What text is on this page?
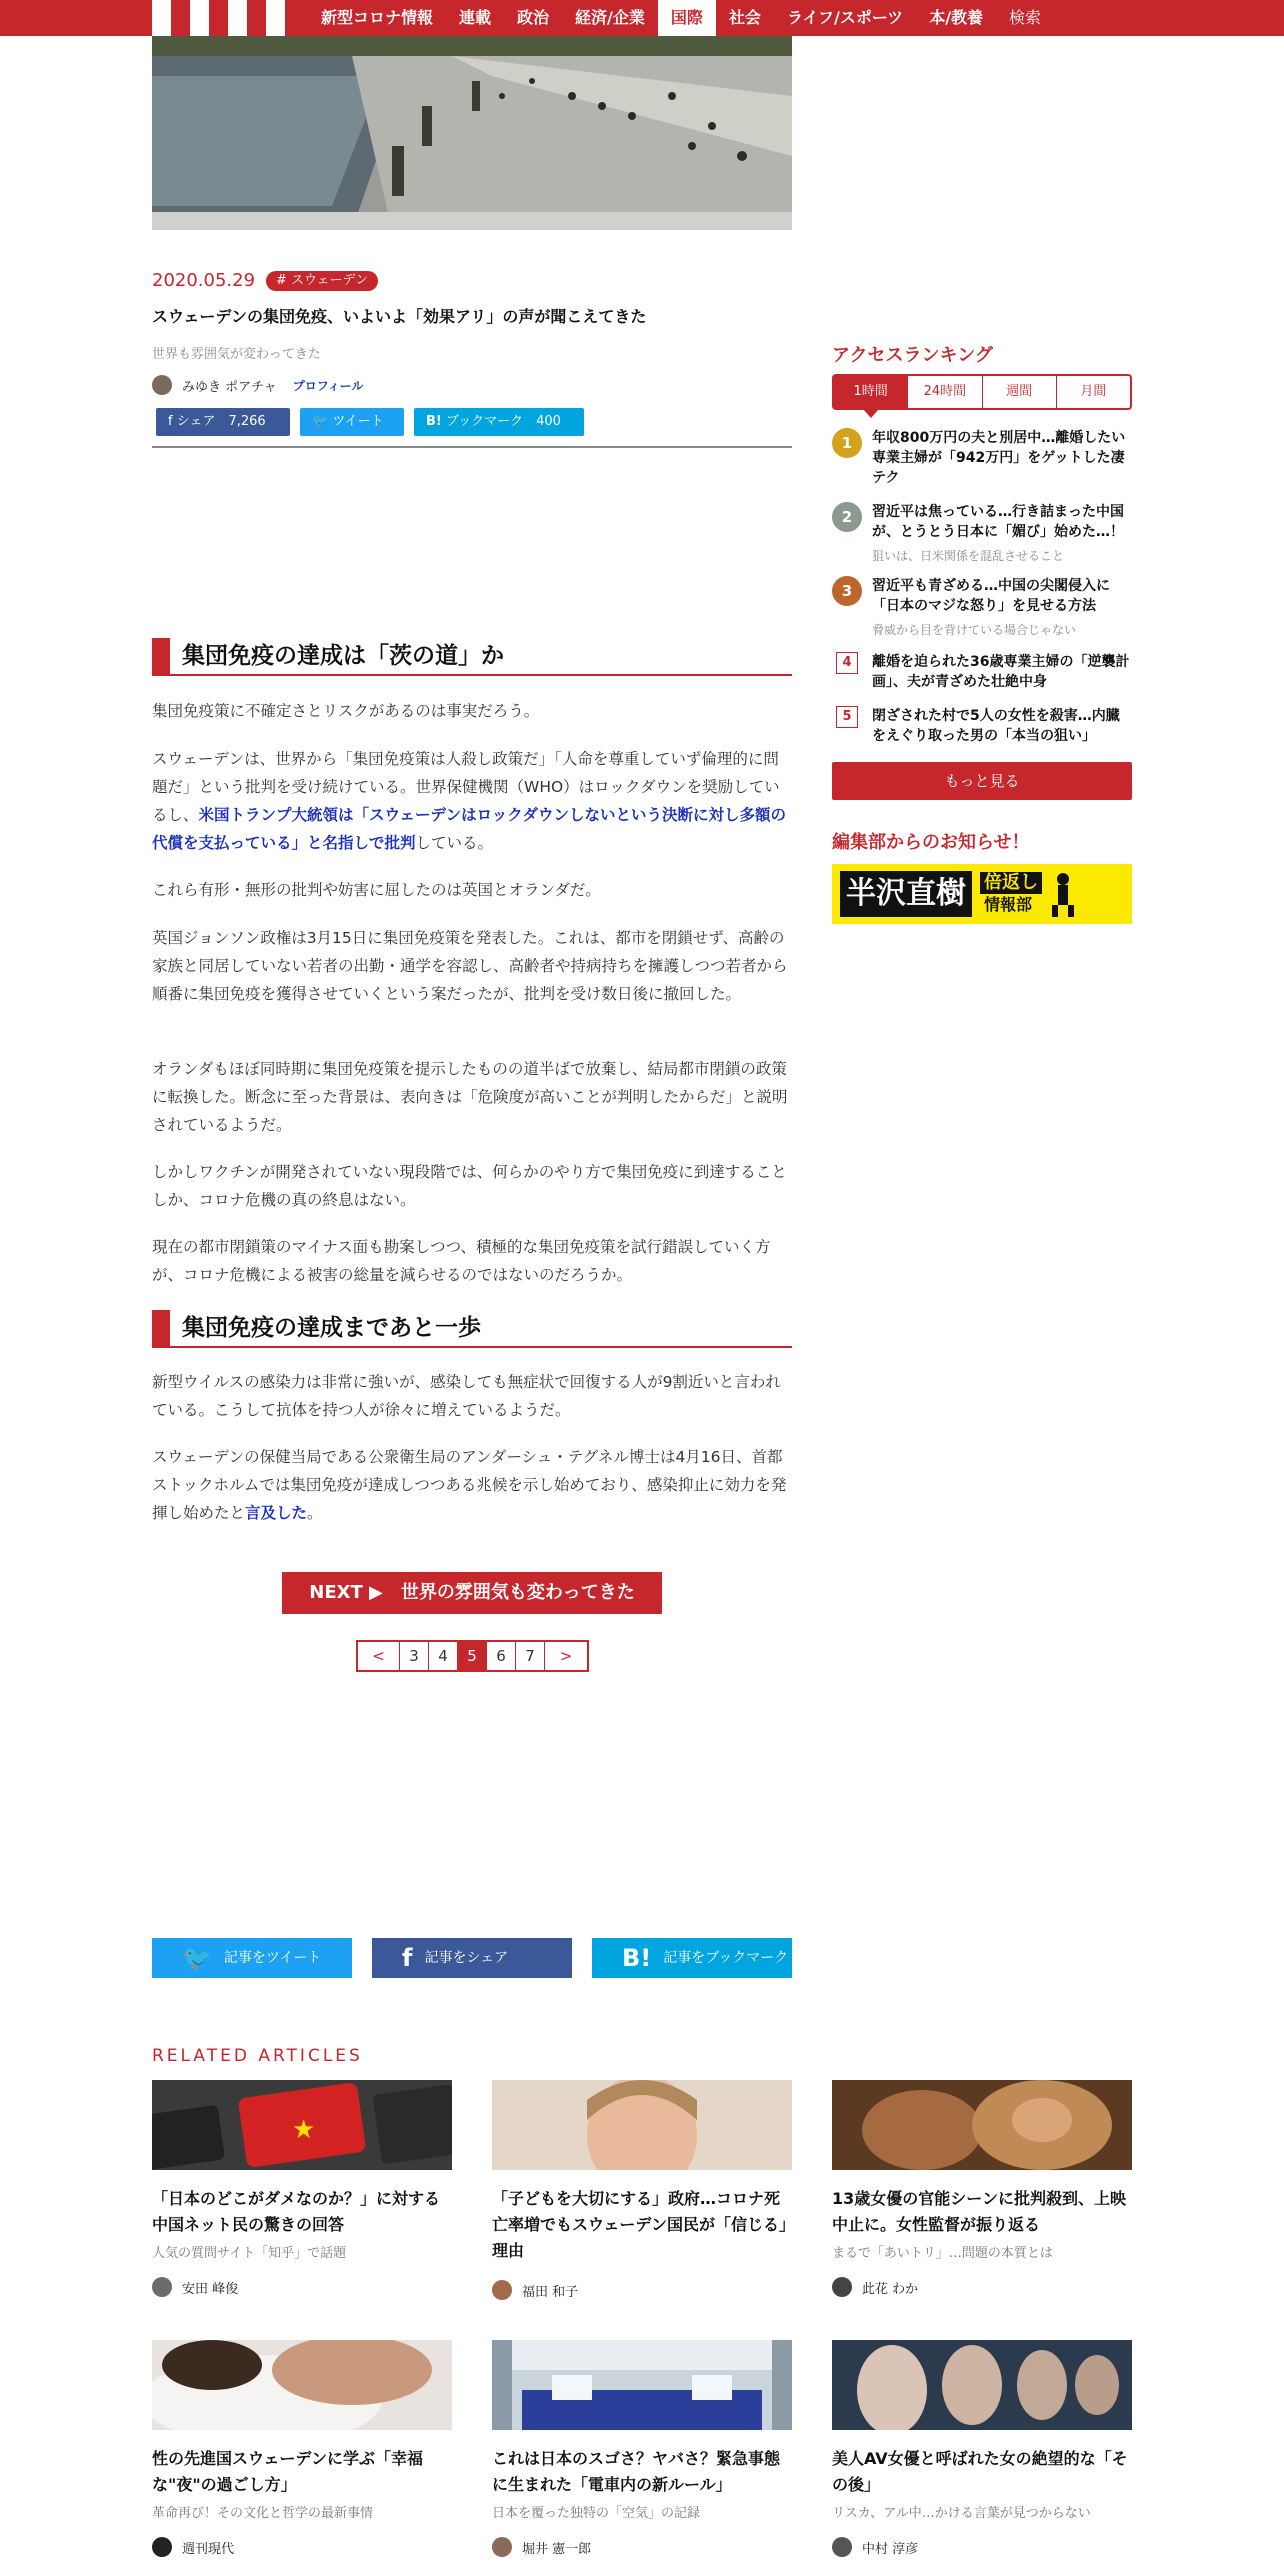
新型コロナ情報	連載	政治	経済/企業	国際	社会	ライフ/スポーツ	本/教養	検索
2020.05.29	# スウェーデン
スウェーデンの集団免疫、いよいよ「効果アリ」の声が聞こえてきた
世界も雰囲気が変わってきた
みゆき ポアチャ プロフィール
f シェア　7,266	🐦 ツイート	B! ブックマーク　400
集団免疫の達成は「茨の道」か
集団免疫策に不確定さとリスクがあるのは事実だろう。
スウェーデンは、世界から「集団免疫策は人殺し政策だ」「人命を尊重していず倫理的に問題だ」という批判を受け続けている。世界保健機関（WHO）はロックダウンを奨励しているし、米国トランプ大統領は「スウェーデンはロックダウンしないという決断に対し多額の代償を支払っている」と名指しで批判している。
これら有形・無形の批判や妨害に屈したのは英国とオランダだ。
英国ジョンソン政権は3月15日に集団免疫策を発表した。これは、都市を閉鎖せず、高齢の家族と同居していない若者の出勤・通学を容認し、高齢者や持病持ちを擁護しつつ若者から順番に集団免疫を獲得させていくという案だったが、批判を受け数日後に撤回した。
オランダもほぼ同時期に集団免疫策を提示したものの道半ばで放棄し、結局都市閉鎖の政策に転換した。断念に至った背景は、表向きは「危険度が高いことが判明したからだ」と説明されているようだ。
しかしワクチンが開発されていない現段階では、何らかのやり方で集団免疫に到達することしか、コロナ危機の真の終息はない。
現在の都市閉鎖策のマイナス面も勘案しつつ、積極的な集団免疫策を試行錯誤していく方が、コロナ危機による被害の総量を減らせるのではないのだろうか。
集団免疫の達成まであと一歩
新型ウイルスの感染力は非常に強いが、感染しても無症状で回復する人が9割近いと言われている。こうして抗体を持つ人が徐々に増えているようだ。
スウェーデンの保健当局である公衆衛生局のアンダーシュ・テグネル博士は4月16日、首都ストックホルムでは集団免疫が達成しつつある兆候を示し始めており、感染抑止に効力を発揮し始めたと言及した。
NEXT ▶　世界の雰囲気も変わってきた
<	3	4	5	6	7	>
🐦 記事をツイート	f 記事をシェア	B! 記事をブックマーク
RELATED ARTICLES
★
「日本のどこがダメなのか？」に対する中国ネット民の驚きの回答
人気の質問サイト「知乎」で話題
安田 峰俊
「子どもを大切にする」政府…コロナ死亡率増でもスウェーデン国民が「信じる」理由
福田 和子
13歳女優の官能シーンに批判殺到、上映中止に。女性監督が振り返る
まるで「あいトリ」…問題の本質とは
此花 わか
性の先進国スウェーデンに学ぶ「幸福な"夜"の過ごし方」
革命再び！その文化と哲学の最新事情
週刊現代
これは日本のスゴさ？ヤバさ？緊急事態に生まれた「電車内の新ルール」
日本を覆った独特の「空気」の記録
堀井 憲一郎
美人AV女優と呼ばれた女の絶望的な「その後」
リスカ、アル中…かける言葉が見つからない
中村 淳彦
アクセスランキング
1時間	24時間	週間	月間
1	年収800万円の夫と別居中…離婚したい専業主婦が「942万円」をゲットした凄テク
2	習近平は焦っている…行き詰まった中国が、とうとう日本に「媚び」始めた…！
狙いは、日米関係を混乱させること
3	習近平も青ざめる…中国の尖閣侵入に「日本のマジな怒り」を見せる方法
脅威から目を背けている場合じゃない
4	離婚を迫られた36歳専業主婦の「逆襲計画」、夫が青ざめた壮絶中身
5	閉ざされた村で5人の女性を殺害…内臓をえぐり取った男の「本当の狙い」
もっと見る
編集部からのお知らせ！
半沢直樹	倍返し
情報部
